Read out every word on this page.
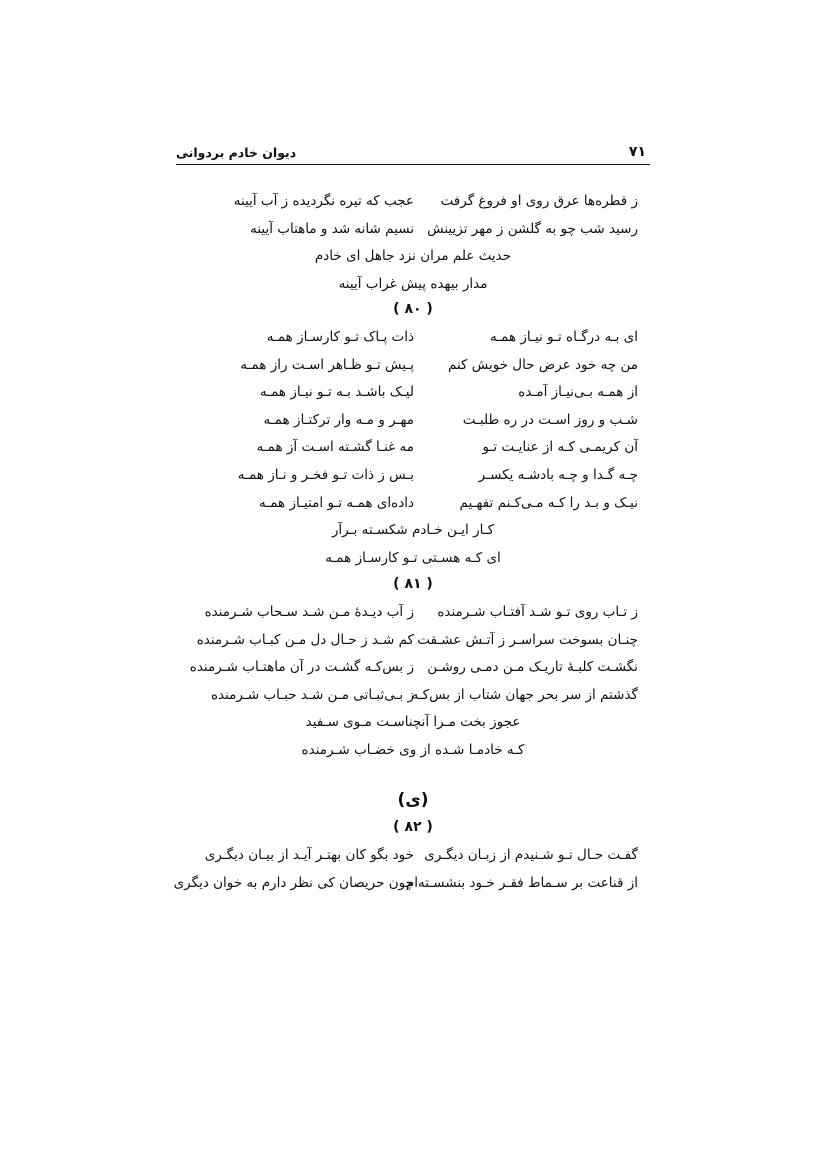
۷۱
دیوان خادم بردوانی
ز قطره‌ها عرق روی او فروغ گرفت
عجب که تیره نگردیده ز آب آیینه
رسید شب چو به گلشن ز مهر تزیینش
نسیم شانه شد و ماهتاب آیینه
حدیث علم مران نزد جاهل ای خادم
مدار بیهده پیش غراب آیینه
( ۸۰ )
ای بـه درگـاه تـو نیـاز همـه
ذات پـاک تـو کارسـاز همـه
من چه خود عرض حال خویش کنم
پـیش تـو ظـاهر اسـت راز همـه
از همـه بـی‌نیـاز آمـده
لیـک باشـد بـه تـو نیـاز همـه
شـب و روز اسـت در ره طلبـت
مهـر و مـه وار ترکتـاز همـه
آن کریمـی کـه از عنایـت تـو
مه غنـا گشـته اسـت آز همـه
چـه گـدا و چـه بادشـه یکسـر
بـس ز ذات تـو فخـر و نـاز همـه
نیـک و بـد را کـه مـی‌کـنم تفهـیم
داده‌ای همـه تـو امتیـاز همـه
کـار ایـن خـادم شکسـته بـرآر
ای کـه هسـتی تـو کارسـاز همـه
( ۸۱ )
ز تـاب روی تـو شـد آفتـاب شـرمنده
ز آب دیـدهٔ مـن شـد سـحاب شـرمنده
چنـان بسوخت سراسـر ز آتـش عشـقت
کم شـد ز حـال دل مـن کبـاب شـرمنده
نگشـت کلبـهٔ تاریـک مـن دمـی روشـن
ز بس‌کـه گشـت در آن ماهتـاب شـرمنده
گذشتم از سر بحر جهان شتاب از بس‌کـه
ز بـی‌ثبـاتی مـن شـد حبـاب شـرمنده
عجوز بخت مـرا آنچناسـت مـوی سـفید
کـه خادمـا شـده از وی خضـاب شـرمنده
(ی)
( ۸۲ )
گفـت حـال تـو شـنیدم از زبـان دیگـری
خود بگو کان بهتـر آیـد از بیـان دیگـری
از قناعت بر سـماط فقـر خـود بنشسـته‌ام
چون حریصان کی نظر دارم به خوان دیگری
